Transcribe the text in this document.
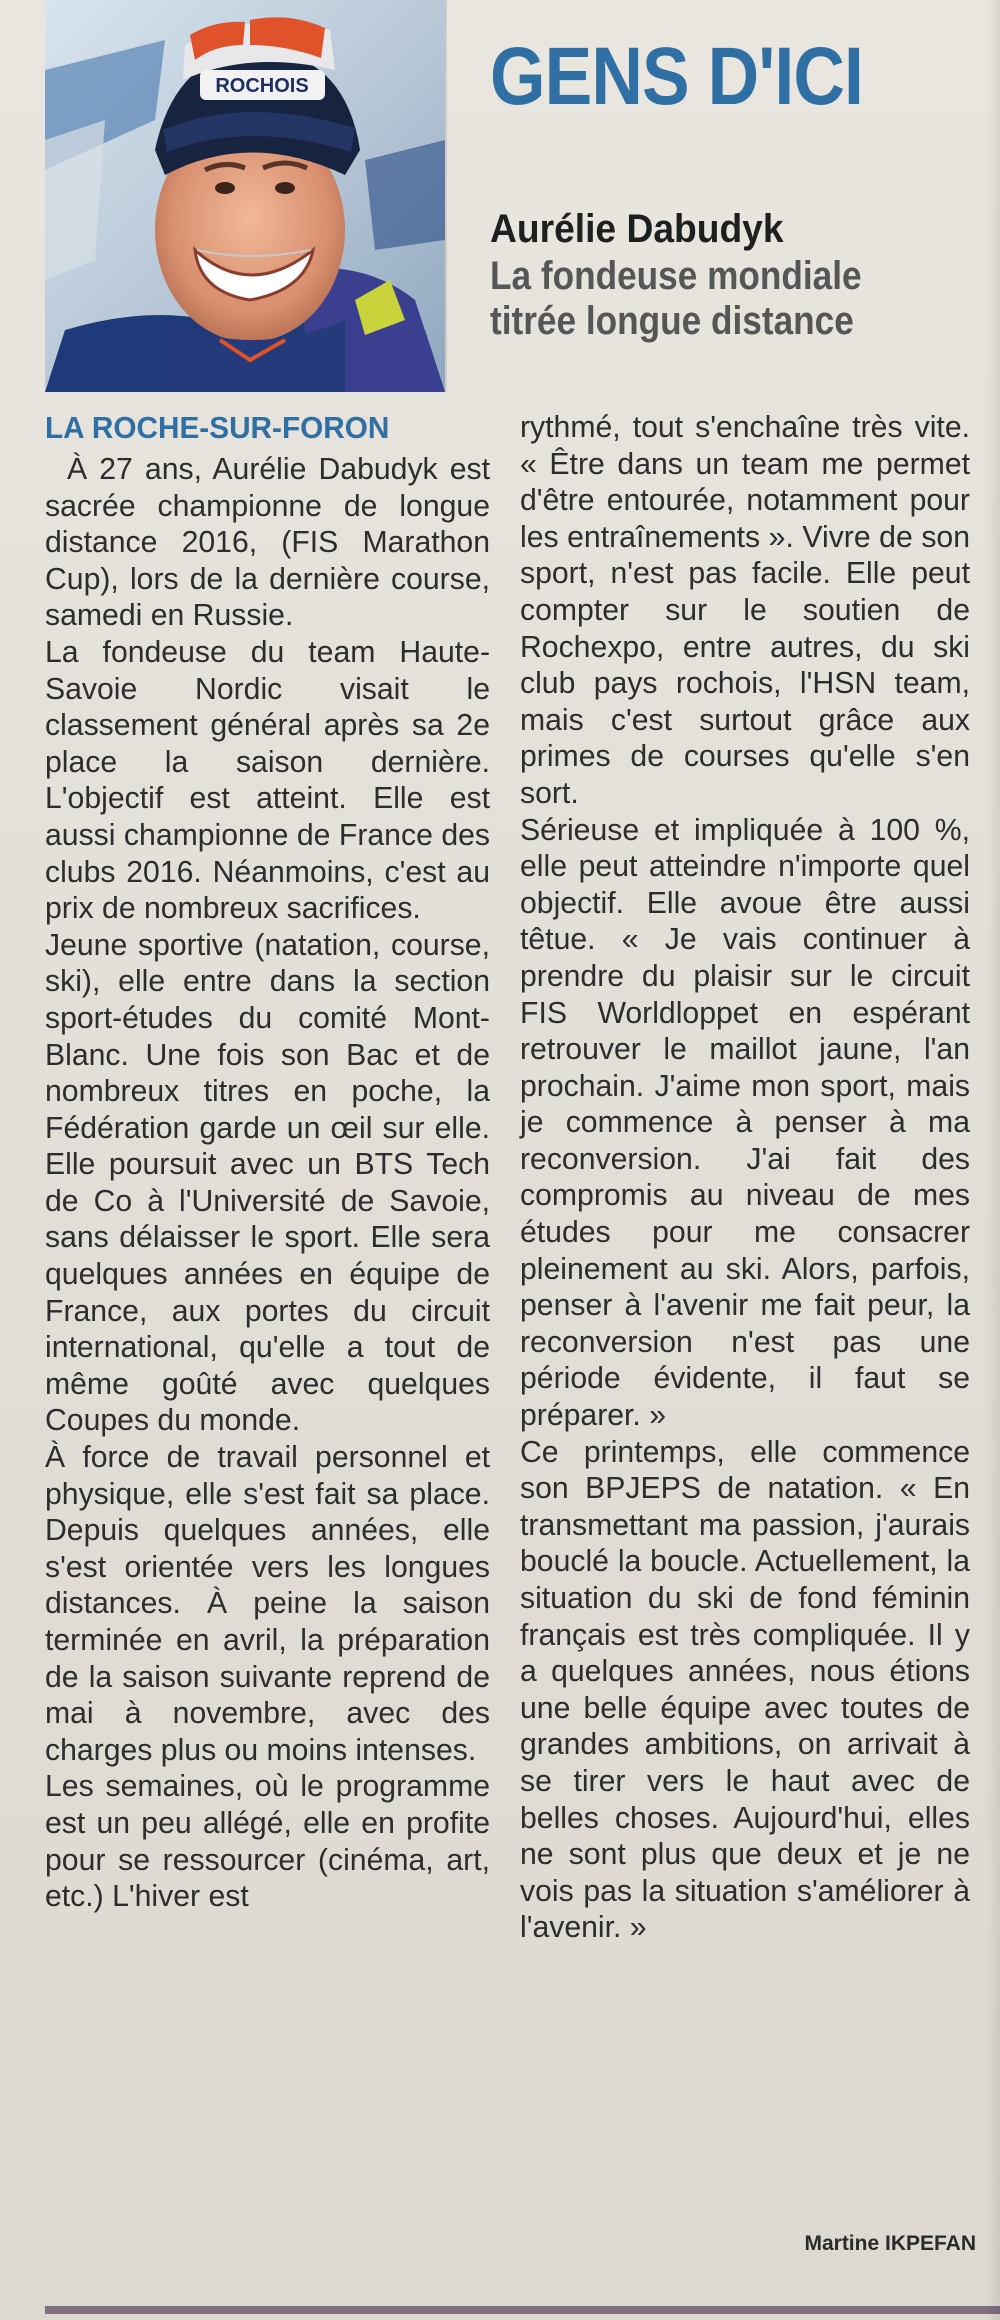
ROCHOIS GENS D'ICI
Aurélie Dabudyk
La fondeuse mondiale
titrée longue distance
LA ROCHE-SUR-FORON

À 27 ans, Aurélie Dabudyk est sacrée championne de longue distance 2016, (FIS Marathon Cup), lors de la dernière course, samedi en Russie.

La fondeuse du team Haute-Savoie Nordic visait le classement général après sa 2e place la saison dernière. L'objectif est atteint. Elle est aussi championne de France des clubs 2016. Néanmoins, c'est au prix de nombreux sacrifices.

Jeune sportive (natation, course, ski), elle entre dans la section sport-études du comité Mont-Blanc. Une fois son Bac et de nombreux titres en poche, la Fédération garde un œil sur elle. Elle poursuit avec un BTS Tech de Co à l'Université de Savoie, sans délaisser le sport. Elle sera quelques années en équipe de France, aux portes du circuit international, qu'elle a tout de même goûté avec quelques Coupes du monde.

À force de travail personnel et physique, elle s'est fait sa place. Depuis quelques années, elle s'est orientée vers les longues distances. À peine la saison terminée en avril, la préparation de la saison suivante reprend de mai à novembre, avec des charges plus ou moins intenses.

Les semaines, où le programme est un peu allégé, elle en profite pour se ressourcer (cinéma, art, etc.) L'hiver est

rythmé, tout s'enchaîne très vite. « Être dans un team me permet d'être entourée, notamment pour les entraînements ». Vivre de son sport, n'est pas facile. Elle peut compter sur le soutien de Rochexpo, entre autres, du ski club pays rochois, l'HSN team, mais c'est surtout grâce aux primes de courses qu'elle s'en sort.

Sérieuse et impliquée à 100 %, elle peut atteindre n'importe quel objectif. Elle avoue être aussi têtue. « Je vais continuer à prendre du plaisir sur le circuit FIS Worldloppet en espérant retrouver le maillot jaune, l'an prochain. J'aime mon sport, mais je commence à penser à ma reconversion. J'ai fait des compromis au niveau de mes études pour me consacrer pleinement au ski. Alors, parfois, penser à l'avenir me fait peur, la reconversion n'est pas une période évidente, il faut se préparer. »

Ce printemps, elle commence son BPJEPS de natation. « En transmettant ma passion, j'aurais bouclé la boucle. Actuellement, la situation du ski de fond féminin français est très compliquée. Il y a quelques années, nous étions une belle équipe avec toutes de grandes ambitions, on arrivait à se tirer vers le haut avec de belles choses. Aujourd'hui, elles ne sont plus que deux et je ne vois pas la situation s'améliorer à l'avenir. »

Martine IKPEFAN
